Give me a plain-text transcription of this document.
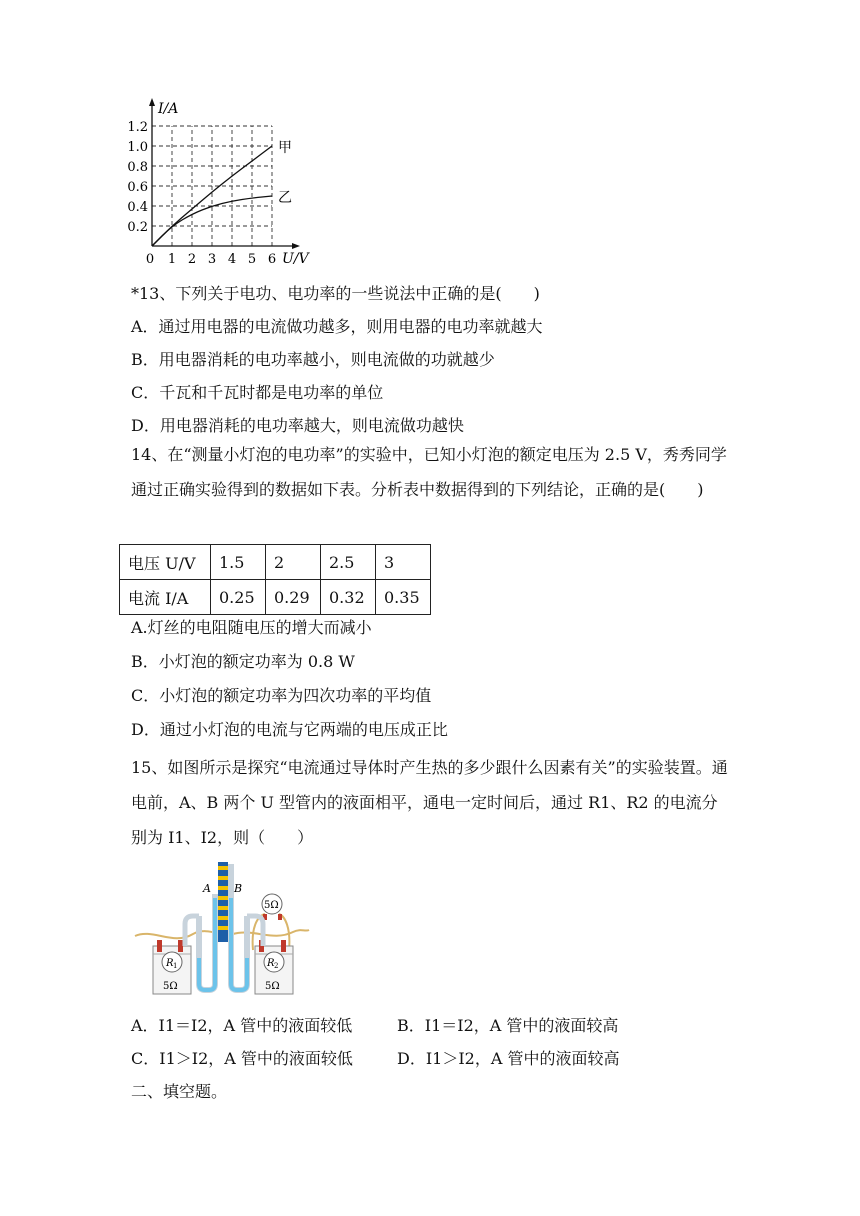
I/A
U/V
1.2
1.0
0.8
0.6
0.4
0.2
0 1 2 3 4 5 6
甲
乙
*13、下列关于电功、电功率的一些说法中正确的是(　　)
A．通过用电器的电流做功越多，则用电器的电功率就越大
B．用电器消耗的电功率越小，则电流做的功就越少
C．千瓦和千瓦时都是电功率的单位
D．用电器消耗的电功率越大，则电流做功越快
14、在“测量小灯泡的电功率”的实验中，已知小灯泡的额定电压为 2.5 V，秀秀同学通过正确实验得到的数据如下表。分析表中数据得到的下列结论，正确的是(　　)
电压 U/V	1.5	2	2.5	3
电流 I/A	0.25	0.29	0.32	0.35
A.灯丝的电阻随电压的增大而减小
B．小灯泡的额定功率为 0.8 W
C．小灯泡的额定功率为四次功率的平均值
D．通过小灯泡的电流与它两端的电压成正比
15、如图所示是探究“电流通过导体时产生热的多少跟什么因素有关”的实验装置。通电前，A、B 两个 U 型管内的液面相平，通电一定时间后，通过 R1、R2 的电流分别为 I1、I2，则（　　）
R 1
5Ω
R 2
5Ω
5Ω
A B
A．I1＝I2，A 管中的液面较低	B．I1＝I2，A 管中的液面较高
C．I1＞I2，A 管中的液面较低	D．I1＞I2，A 管中的液面较高
二、填空题。
